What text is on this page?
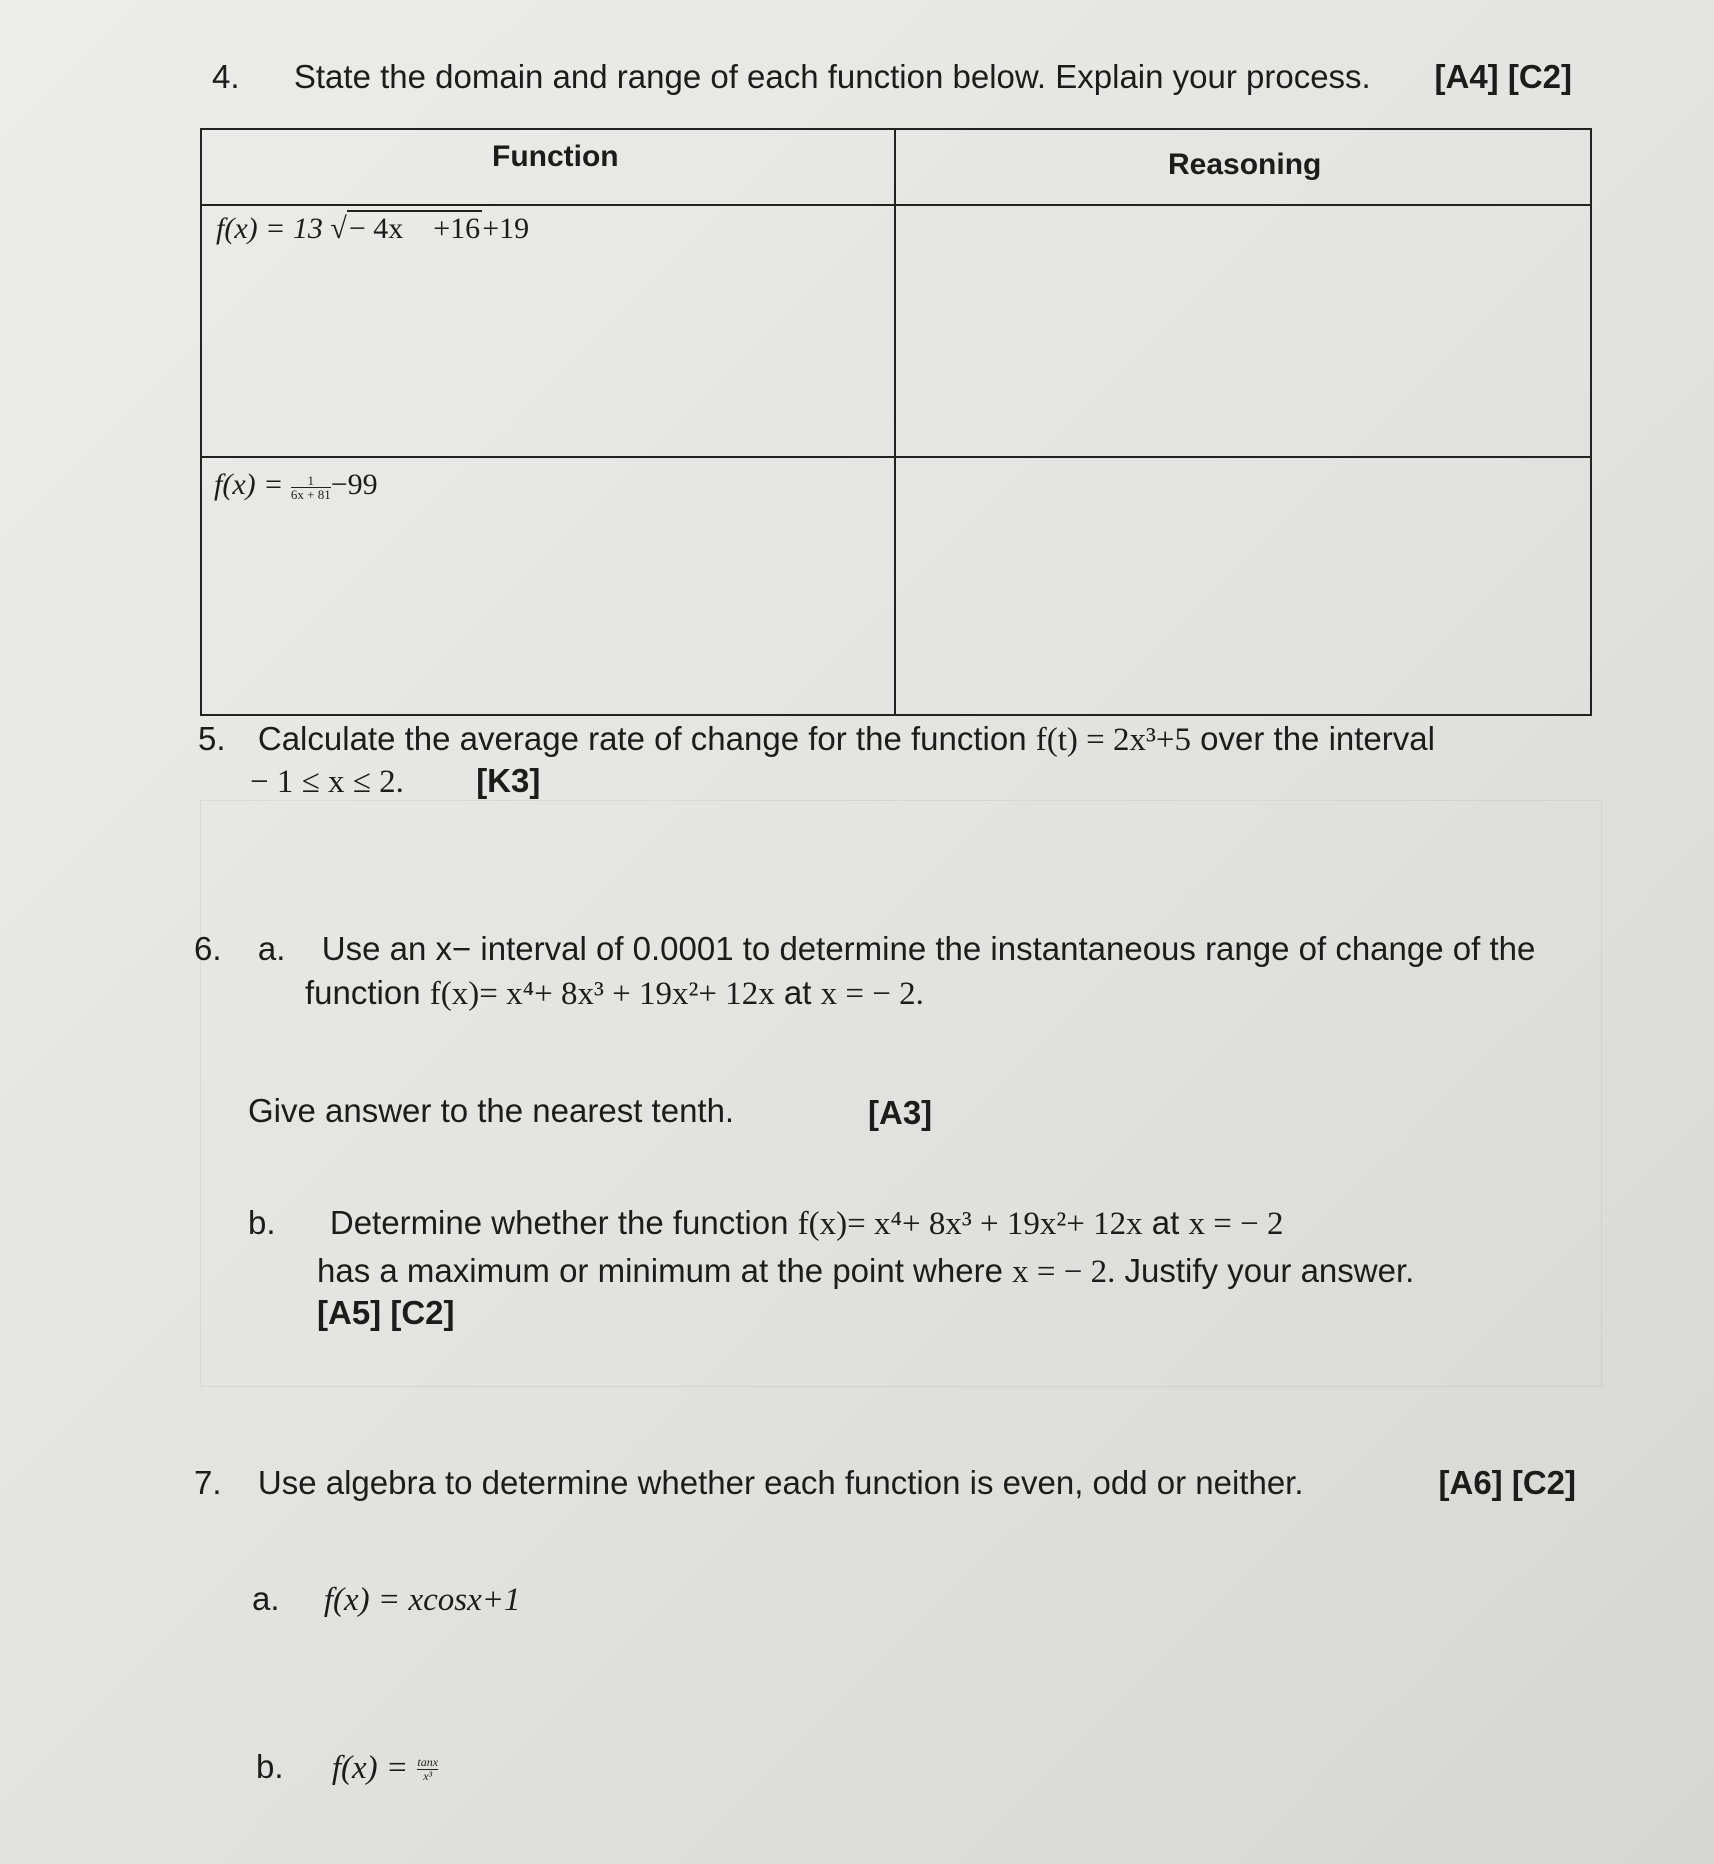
4. State the domain and range of each function below. Explain your process. [A4] [C2]
Function	Reasoning
f(x) = 13 √− 4x    +16+19
$f(x) = \frac{1}{6x + 81} -99$
5. Calculate the average rate of change for the function f(t) = 2x³+5 over the interval
− 1 ≤ x ≤ 2. [K3]
6. a. Use an x− interval of 0.0001 to determine the instantaneous range of change of the
function f(x)= x⁴+ 8x³ + 19x²+ 12x at x = − 2.
Give answer to the nearest tenth.	[A3]
b. Determine whether the function f(x)= x⁴+ 8x³ + 19x²+ 12x at x = − 2
has a maximum or minimum at the point where x = − 2. Justify your answer.
[A5] [C2]
7. Use algebra to determine whether each function is even, odd or neither.	[A6] [C2]
a. f(x) = xcosx+1
b. $f(x) = \frac{\tan x}{\text{x³}}$
